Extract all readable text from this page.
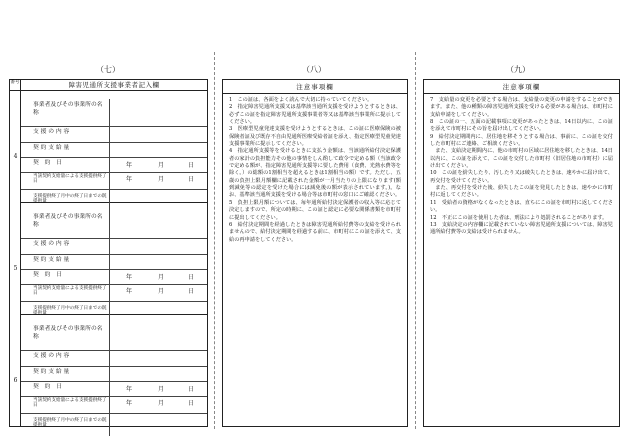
（七）	（八）	（九）
番号	障害児通所支援事業者記入欄
4
事業者及びその事業所の名称
支 援 の 内 容
契 約 支 給 量
契　約　日	年	月	日
当該契約支給量による支援提供終了日	年	月	日
支援提供終了月中の終了日までの既提供量
5
事業者及びその事業所の名称
支 援 の 内 容
契 約 支 給 量
契　約　日	年	月	日
当該契約支給量による支援提供終了日	年	月	日
支援提供終了月中の終了日までの既提供量
6
事業者及びその事業所の名称
支 援 の 内 容
契 約 支 給 量
契　約　日	年	月	日
当該契約支給量による支援提供終了日	年	月	日
支援提供終了月中の終了日までの既提供量
注意事項欄

1　この証は、各面をよく読んで大切に持っていてください。

2　指定障害児通所支援又は基準該当通所支援を受けようとするときは、必ずこの証を指定障害児通所支援事業者等又は基準該当事業所に提示してください。

3　医療型児童発達支援を受けようとするときは、この証に医療保険の被保険者証及び既存不自由児通所医療受給者証を添え、指定医療型児童発達支援事業所に提示してください。

4　指定通所支援等を受けるときに支払う金額は、当該通所給付決定保護者の家計の負担能力その他の事情をしん酌して政令で定める額（当該政令で定める額が、指定障害児通所支援等に要した費用（食費、光熱水費等を除く。）の総額の1割相当を超えるときは1割相当の額）です。ただし、五歳の負担上限月額欄に記載された金額が一月当たりの上限になります(額到減免等の認定を受けた場合には減免後の額が表示されています。)。なお、基準該当通所支援を受ける場合等は市町村の窓口にご確認ください。

5　負担上限月額については、毎年通所給付決定保護者の収入等に応じて決定しますので、所定の時期に、この証と認定に必要な関係書類を市町村に提出してください。

6　給付決定期間を経過したときは障害児通所給付費等の支給を受けられませんので、給付決定期間を経過する前に、市町村にこの証を添えて、支給の再申請をしてください。

注意事項欄

7　支給量の変更を必要とする場合は、支給量の変更の申請をすることができます。また、他の種類の障害児通所支援を受ける必要がある場合は、市町村に支給申請をしてください。

8　この証の一、五面の記載事項に変更があったときは、14日以内に、この証を添えて市町村にその旨を届け出してください。

9　給付決定期間内に、居住地を移そうとする場合は、事前に、この証を交付した市町村にご連絡、ご相談ください。

　また、支給決定期間内に、他の市町村の区域に居住地を移したときは、14日以内に、この証を添えて、この証を交付した市町村（旧居住地の市町村）に届け出てください。

10　この証を紛失したり、汚したり又は破失したときは、速やかに届け出て、再交付を受けてください。

　また、再交付を受けた後、紛失したこの証を発見したときは、速やかに市町村に返してください。

11　受給者の資格がなくなったときは、直ちにこの証を市町村に返してください。

12　不正にこの証を使用した者は、刑法により処罰されることがあります。

13　支給決定の内容欄に記載されていない障害児通所支援については、障害児通所給付費等の支給は受けられません。
